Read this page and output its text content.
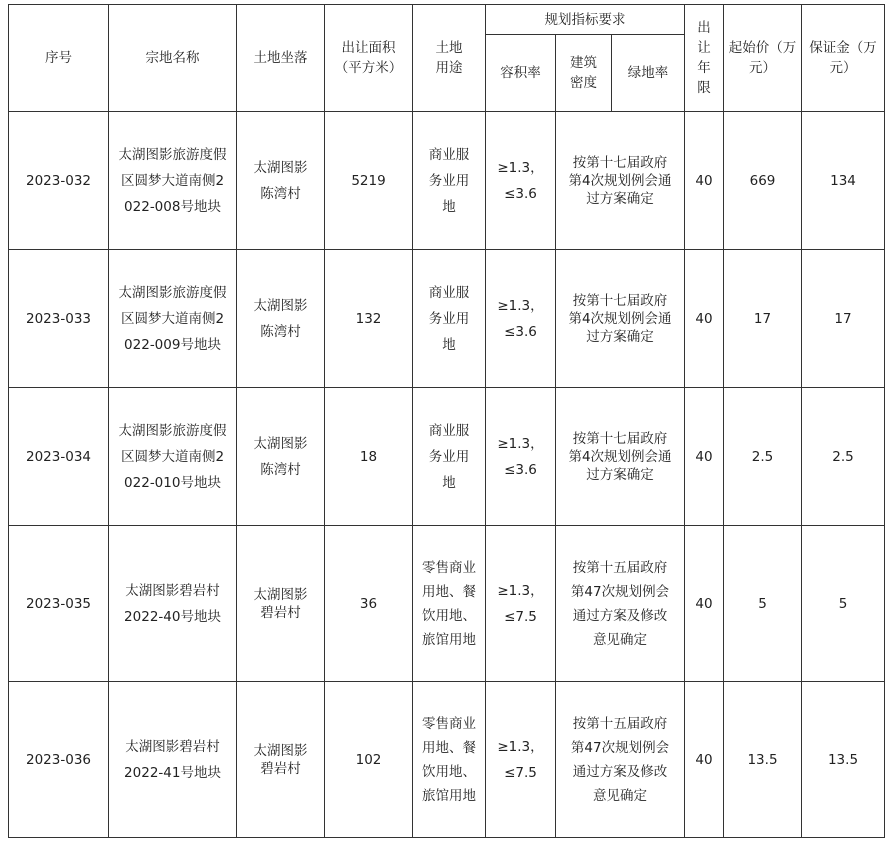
序号	宗地名称	土地坐落	出让面积（平方米）	土地用途	规划指标要求			出让年限	起始价（万元）	保证金（万元）
					容积率	建筑密度	绿地率			
2023-032	太湖图影旅游度假区圆梦大道南侧2022-008号地块	太湖图影陈湾村	5219	商业服务业用地	≥1.3，≤3.6	按第十七届政府第4次规划例会通过方案确定		40	669	134
2023-033	太湖图影旅游度假区圆梦大道南侧2022-009号地块	太湖图影陈湾村	132	商业服务业用地	≥1.3，≤3.6	按第十七届政府第4次规划例会通过方案确定		40	17	17
2023-034	太湖图影旅游度假区圆梦大道南侧2022-010号地块	太湖图影陈湾村	18	商业服务业用地	≥1.3，≤3.6	按第十七届政府第4次规划例会通过方案确定		40	2.5	2.5
2023-035	太湖图影碧岩村2022-40号地块	太湖图影碧岩村	36	零售商业用地、餐饮用地、旅馆用地	≥1.3，≤7.5	按第十五届政府第47次规划例会通过方案及修改意见确定		40	5	5
2023-036	太湖图影碧岩村2022-41号地块	太湖图影碧岩村	102	零售商业用地、餐饮用地、旅馆用地	≥1.3，≤7.5	按第十五届政府第47次规划例会通过方案及修改意见确定		40	13.5	13.5
